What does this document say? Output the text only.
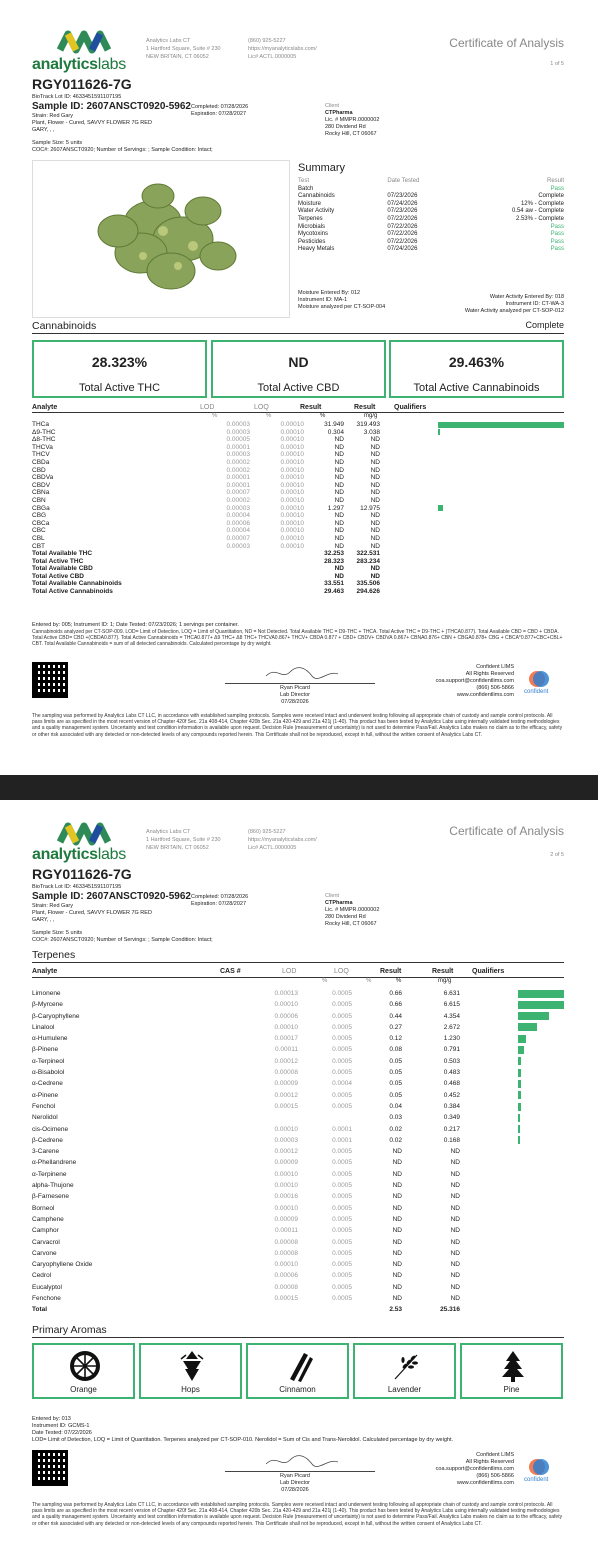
analyticslabs
Analytics Labs CT
1 Hartford Square, Suite # 230
NEW BRITAIN, CT 06052
(860) 925-5227
https://myanalyticslabs.com/
Lic# ACTL.0000005
Certificate of Analysis
1 of 5
RGY011626-7G
BioTrack Lot ID: 4633451591107195
Sample ID: 2607ANSCT0920-5962
Strain: Red Gary
Plant, Flower - Cured, SAVVY FLOWER 7G RED
GARY, , ,
Completed: 07/28/2026
Expiration: 07/28/2027
Client
CTPharma
Lic. # MMPR.0000002
280 Dividend Rd
Rocky Hill, CT 06067
Sample Size: 5 units
COC#: 2607ANSCT0920; Number of Servings: ; Sample Condition: Intact;
Summary
Test	Date Tested	Result
Batch		Pass
Cannabinoids	07/23/2026	Complete
Moisture	07/24/2026	12% - Complete
Water Activity	07/23/2026	0.54 aw - Complete
Terpenes	07/22/2026	2.53% - Complete
Microbials	07/22/2026	Pass
Mycotoxins	07/22/2026	Pass
Pesticides	07/22/2026	Pass
Heavy Metals	07/24/2026	Pass
Moisture Entered By: 012
Instrument ID: MA-1
Moisture analyzed per CT-SOP-004
Water Activity Entered By: 018
Instrument ID: CT-WA-3
Water Activity analyzed per CT-SOP-012
Cannabinoids	Complete
28.323%
Total Active THC
ND
Total Active CBD
29.463%
Total Active Cannabinoids
Analyte	LOD	LOQ	Result	Result	Qualifiers
%	%	%	mg/g
THCa	0.00003	0.00010	31.949	319.493
Δ9-THC	0.00003	0.00010	0.304	3.038
Δ8-THC	0.00005	0.00010	ND	ND
THCVa	0.00001	0.00010	ND	ND
THCV	0.00003	0.00010	ND	ND
CBDa	0.00002	0.00010	ND	ND
CBD	0.00002	0.00010	ND	ND
CBDVa	0.00001	0.00010	ND	ND
CBDV	0.00001	0.00010	ND	ND
CBNa	0.00007	0.00010	ND	ND
CBN	0.00002	0.00010	ND	ND
CBGa	0.00003	0.00010	1.297	12.975
CBG	0.00004	0.00010	ND	ND
CBCa	0.00006	0.00010	ND	ND
CBC	0.00004	0.00010	ND	ND
CBL	0.00007	0.00010	ND	ND
CBT	0.00003	0.00010	ND	ND
Total Available THC			32.253	322.531
Total Active THC			28.323	283.234
Total Available CBD			ND	ND
Total Active CBD			ND	ND
Total Available Cannabinoids			33.551	335.506
Total Active Cannabinoids			29.463	294.626
Entered by: 005; Instrument ID: 1; Date Tested: 07/23/2026; 1 servings per container.
Cannabinoids analyzed per CT-SOP-009. LOD= Limit of Detection, LOQ = Limit of Quantitation, ND = Not Detected. Total Available THC = D9-THC + THCA. Total Active THC = D9-THC + (THCA0.877). Total Available CBD = CBD + CBDA. Total Active CBD= CBD +(CBDA0.877). Total Active Cannabinoids = THCA0.877+ Δ9 THC+ Δ8 THC+ THCVA0.867+ THCV+ CBDA 0.877 + CBD+ CBDV+ CBDVA 0.867+ CBNA0.876+ CBN + CBGA0.878+ CBG + CBCA*0.877+CBC+CBL+ CBT. Total Available Cannabinoids = sum of all detected cannabinoids. Calculated percentage by dry weight.
Ryan Picard
Lab Director
07/28/2026
Confident LIMS
All Rights Reserved
coa.support@confidentlims.com
(866) 506-5866
www.confidentlims.com confident
The sampling was performed by Analytics Labs CT LLC, in accordance with established sampling protocols. Samples were received intact and underwent testing following all appropriate chain of custody and sample control protocols. All pass limits are as specified in the most recent version of Chapter 420f Sec. 21a 408-414, Chapter 420b Sec. 21a 420-429 and 21a 421j (1-40). This product has been tested by Analytics Labs using internally validated testing methodologies and a quality management system. Uncertainty and test condition information is available upon request. Decision Rule (measurement of uncertainty) is not used to determine Pass/Fail. Analytics Labs makes no claim as to the efficacy, safety or other risk associated with any detected or non-detected levels of any compounds reported herein. This Certificate shall not be reproduced, except in full, without the written consent of Analytics Labs CT.
analyticslabs
Analytics Labs CT
1 Hartford Square, Suite # 230
NEW BRITAIN, CT 06052
(860) 925-5227
https://myanalyticslabs.com/
Lic# ACTL.0000005
Certificate of Analysis
2 of 5
RGY011626-7G
BioTrack Lot ID: 4633451591107195
Sample ID: 2607ANSCT0920-5962
Strain: Red Gary
Plant, Flower - Cured, SAVVY FLOWER 7G RED
GARY, , ,
Completed: 07/28/2026
Expiration: 07/28/2027
Client
CTPharma
Lic. # MMPR.0000002
280 Dividend Rd
Rocky Hill, CT 06067
Sample Size: 5 units
COC#: 2607ANSCT0920; Number of Servings: ; Sample Condition: Intact;
Terpenes
Analyte	CAS #	LOD	LOQ	Result	Result	Qualifiers
%	%	%	mg/g
Limonene	0.00013	0.0005	0.66	6.631
β-Myrcene	0.00010	0.0005	0.66	6.615
β-Caryophyllene	0.00006	0.0005	0.44	4.354
Linalool	0.00010	0.0005	0.27	2.672
α-Humulene	0.00017	0.0005	0.12	1.230
β-Pinene	0.00011	0.0005	0.08	0.791
α-Terpineol	0.00012	0.0005	0.05	0.503
α-Bisabolol	0.00008	0.0005	0.05	0.483
α-Cedrene	0.00009	0.0004	0.05	0.468
α-Pinene	0.00012	0.0005	0.05	0.452
Fenchol	0.00015	0.0005	0.04	0.384
Nerolidol			0.03	0.349
cis-Ocimene	0.00010	0.0001	0.02	0.217
β-Cedrene	0.00003	0.0001	0.02	0.168
3-Carene	0.00012	0.0005	ND	ND
α-Phellandrene	0.00009	0.0005	ND	ND
α-Terpinene	0.00010	0.0005	ND	ND
alpha-Thujone	0.00010	0.0005	ND	ND
β-Farnesene	0.00016	0.0005	ND	ND
Borneol	0.00010	0.0005	ND	ND
Camphene	0.00009	0.0005	ND	ND
Camphor	0.00011	0.0005	ND	ND
Carvacrol	0.00008	0.0005	ND	ND
Carvone	0.00008	0.0005	ND	ND
Caryophyllene Oxide	0.00010	0.0005	ND	ND
Cedrol	0.00006	0.0005	ND	ND
Eucalyptol	0.00008	0.0005	ND	ND
Fenchone	0.00015	0.0005	ND	ND
Total			2.53	25.316
Primary Aromas
Orange	Hops	Cinnamon	Lavender	Pine
Entered by: 013
Instrument ID: GCMS-1
Date Tested: 07/22/2026
LOD= Limit of Detection, LOQ = Limit of Quantitation. Terpenes analyzed per CT-SOP-010. Nerolidol = Sum of Cis and Trans-Nerolidol. Calculated percentage by dry weight.
Ryan Picard
Lab Director
07/28/2026
Confident LIMS
All Rights Reserved
coa.support@confidentlims.com
(866) 506-5866
www.confidentlims.com confident
The sampling was performed by Analytics Labs CT LLC, in accordance with established sampling protocols. Samples were received intact and underwent testing following all appropriate chain of custody and sample control protocols. All pass limits are as specified in the most recent version of Chapter 420f Sec. 21a 408-414, Chapter 420b Sec. 21a 420-429 and 21a 421j (1-40). This product has been tested by Analytics Labs using internally validated testing methodologies and a quality management system. Uncertainty and test condition information is available upon request. Decision Rule (measurement of uncertainty) is not used to determine Pass/Fail. Analytics Labs makes no claim as to the efficacy, safety or other risk associated with any detected or non-detected levels of any compounds reported herein. This Certificate shall not be reproduced, except in full, without the written consent of Analytics Labs CT.
